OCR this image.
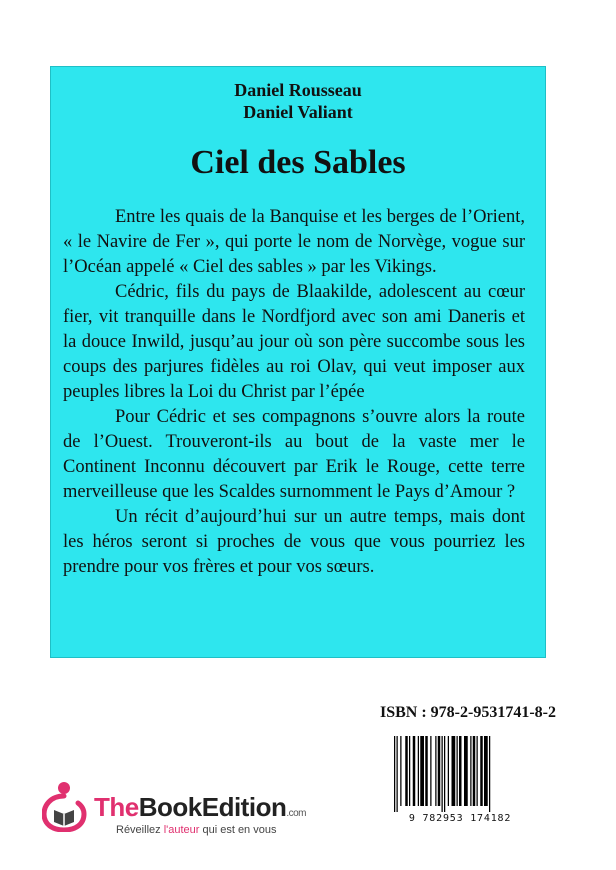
Daniel Rousseau
Daniel Valiant
Ciel des Sables

Entre les quais de la Banquise et les berges de l’Orient, « le Navire de Fer », qui porte le nom de Norvège, vogue sur l’Océan appelé « Ciel des sables » par les Vikings.

Cédric, fils du pays de Blaakilde, adolescent au cœur fier, vit tranquille dans le Nordfjord avec son ami Daneris et la douce Inwild, jusqu’au jour où son père succombe sous les coups des parjures fidèles au roi Olav, qui veut imposer aux peuples libres la Loi du Christ par l’épée

Pour Cédric et ses compagnons s’ouvre alors la route de l’Ouest. Trouveront-ils au bout de la vaste mer le Continent Inconnu découvert par Erik le Rouge, cette terre merveilleuse que les Scaldes surnomment le Pays d’Amour ?

Un récit d’aujourd’hui sur un autre temps, mais dont les héros seront si proches de vous que vous pourriez les prendre pour vos frères et pour vos sœurs.

ISBN : 978-2-9531741-8-2
9 782953 174182
TheBookEdition.com
Réveillez l'auteur qui est en vous
